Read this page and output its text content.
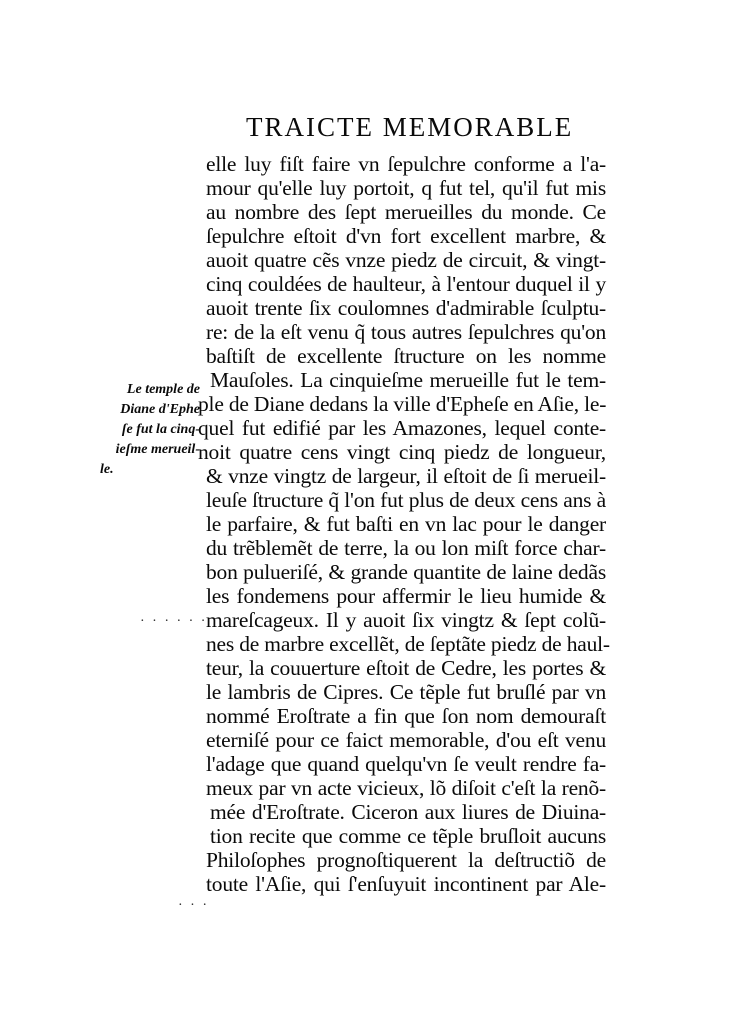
TRAICTE MEMORABLE
elle luy fiſt faire vn ſepulchre conforme a l'a-
mour qu'elle luy portoit, q fut tel, qu'il fut mis
au nombre des ſept merueilles du monde. Ce
ſepulchre eſtoit d'vn fort excellent marbre, &
auoit quatre cẽs vnze piedz de circuit, & vingt-
cinq couldées de haulteur, à l'entour duquel il y
auoit trente ſix coulomnes d'admirable ſculptu-
re: de la eſt venu q̃ tous autres ſepulchres qu'on
baſtiſt de excellente ſtructure on les nomme
Mauſoles. La cinquieſme merueille fut le tem-
ple de Diane dedans la ville d'Epheſe en Aſie, le-
quel fut edifié par les Amazones, lequel conte-
noit quatre cens vingt cinq piedz de longueur,
& vnze vingtz de largeur, il eſtoit de ſi merueil-
leuſe ſtructure q̃ l'on fut plus de deux cens ans à
le parfaire, & fut baſti en vn lac pour le danger
du trẽblemẽt de terre, la ou lon miſt force char-
bon pulueriſé, & grande quantite de laine dedãs
les fondemens pour affermir le lieu humide &
mareſcageux. Il y auoit ſix vingtz & ſept colũ-
nes de marbre excellẽt, de ſeptãte piedz de haul-
teur, la couuerture eſtoit de Cedre, les portes &
le lambris de Cipres. Ce tẽple fut bruſlé par vn
nommé Eroſtrate a fin que ſon nom demouraſt
eterniſé pour ce faict memorable, d'ou eſt venu
l'adage que quand quelqu'vn ſe veult rendre fa-
meux par vn acte vicieux, lõ diſoit c'eſt la renõ-
mée d'Eroſtrate. Ciceron aux liures de Diuina-
tion recite que comme ce tẽple bruſloit aucuns
Philoſophes prognoſtiquerent la deſtructiõ de
toute l'Aſie, qui ſ'enſuyuit incontinent par Ale-
Le temple de
Diane d'Ephe
ſe fut la cinq-
ieſme merueil-
le.
· · · · · ·
· · ·
